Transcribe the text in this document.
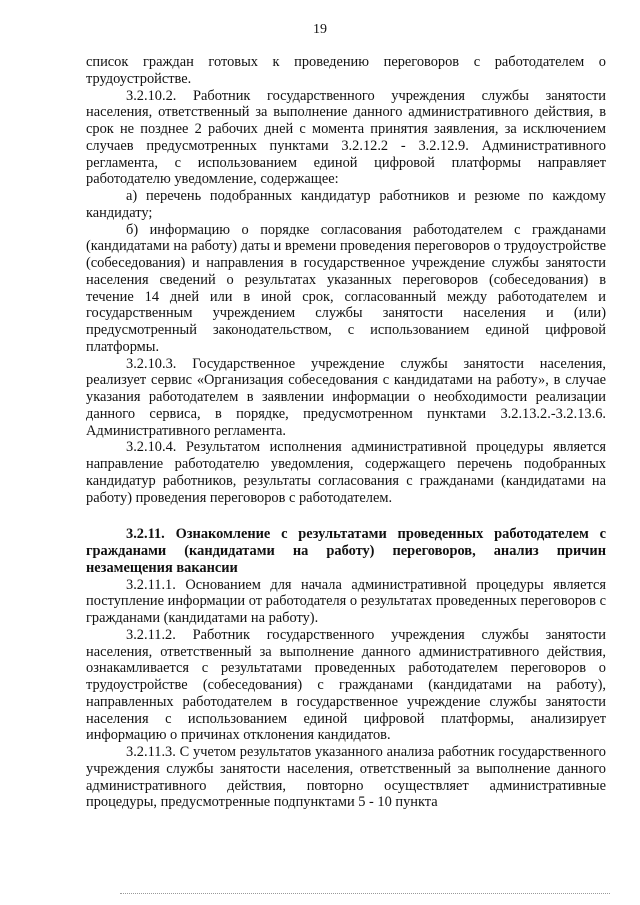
19

список граждан готовых к проведению переговоров с работодателем о трудоустройстве.

3.2.10.2. Работник государственного учреждения службы занятости населения, ответственный за выполнение данного административного действия, в срок не позднее 2 рабочих дней с момента принятия заявления, за исключением случаев предусмотренных пунктами 3.2.12.2 - 3.2.12.9. Административного регламента, с использованием единой цифровой платформы направляет работодателю уведомление, содержащее:

а) перечень подобранных кандидатур работников и резюме по каждому кандидату;

б) информацию о порядке согласования работодателем с гражданами (кандидатами на работу) даты и времени проведения переговоров о трудоустройстве (собеседования) и направления в государственное учреждение службы занятости населения сведений о результатах указанных переговоров (собеседования) в течение 14 дней или в иной срок, согласованный между работодателем и государственным учреждением службы занятости населения и (или) предусмотренный законодательством, с использованием единой цифровой платформы.

3.2.10.3. Государственное учреждение службы занятости населения, реализует сервис «Организация собеседования с кандидатами на работу», в случае указания работодателем в заявлении информации о необходимости реализации данного сервиса, в порядке, предусмотренном пунктами 3.2.13.2.-3.2.13.6. Административного регламента.

3.2.10.4. Результатом исполнения административной процедуры является направление работодателю уведомления, содержащего перечень подобранных кандидатур работников, результаты согласования с гражданами (кандидатами на работу) проведения переговоров с работодателем.

3.2.11. Ознакомление с результатами проведенных работодателем с гражданами (кандидатами на работу) переговоров, анализ причин незамещения вакансии

3.2.11.1. Основанием для начала административной процедуры является поступление информации от работодателя о результатах проведенных переговоров с гражданами (кандидатами на работу).

3.2.11.2. Работник государственного учреждения службы занятости населения, ответственный за выполнение данного административного действия, ознакамливается с результатами проведенных работодателем переговоров о трудоустройстве (собеседования) с гражданами (кандидатами на работу), направленных работодателем в государственное учреждение службы занятости населения с использованием единой цифровой платформы, анализирует информацию о причинах отклонения кандидатов.

3.2.11.3. С учетом результатов указанного анализа работник государственного учреждения службы занятости населения, ответственный за выполнение данного административного действия, повторно осуществляет административные процедуры, предусмотренные подпунктами 5 - 10 пункта
